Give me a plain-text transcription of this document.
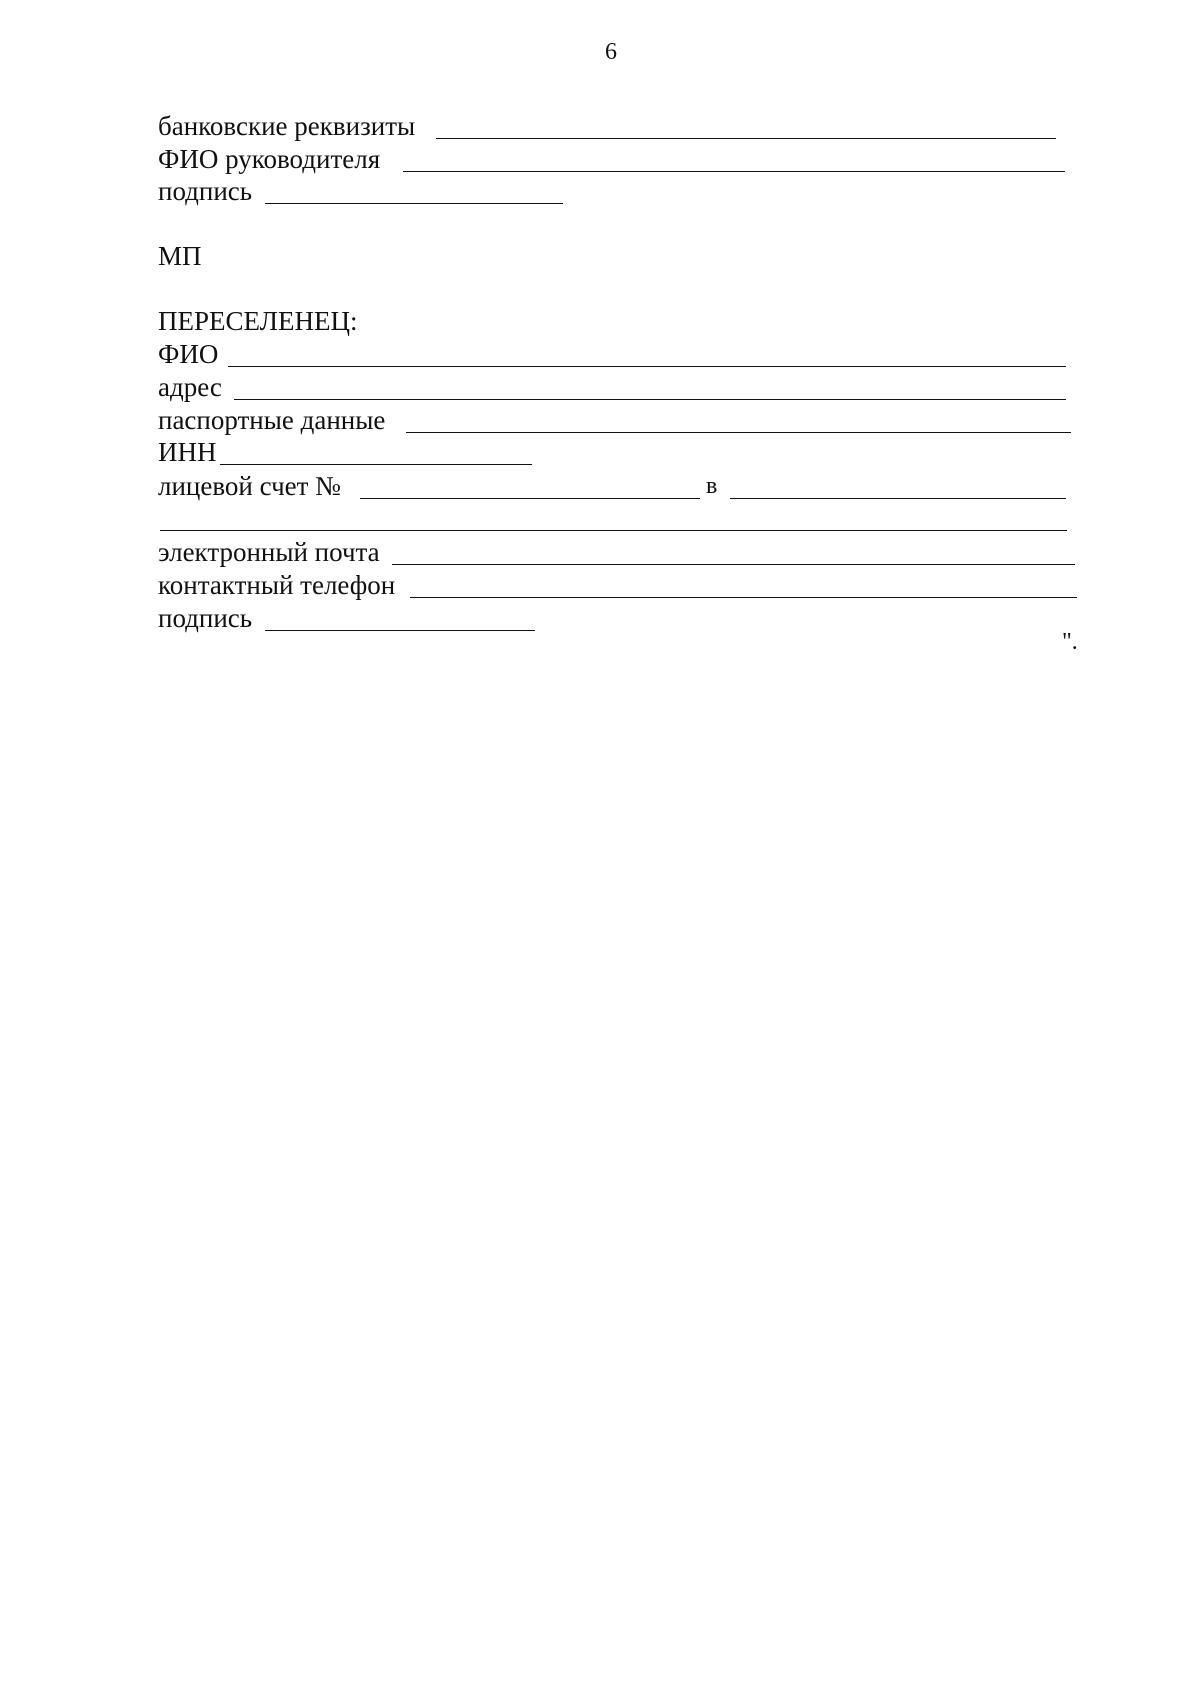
6
банковские реквизиты
ФИО руководителя
подпись
МП
ПЕРЕСЕЛЕНЕЦ:
ФИО
адрес
паспортные данные
ИНН
лицевой счет №	в
электронный почта
контактный телефон
подпись
".
